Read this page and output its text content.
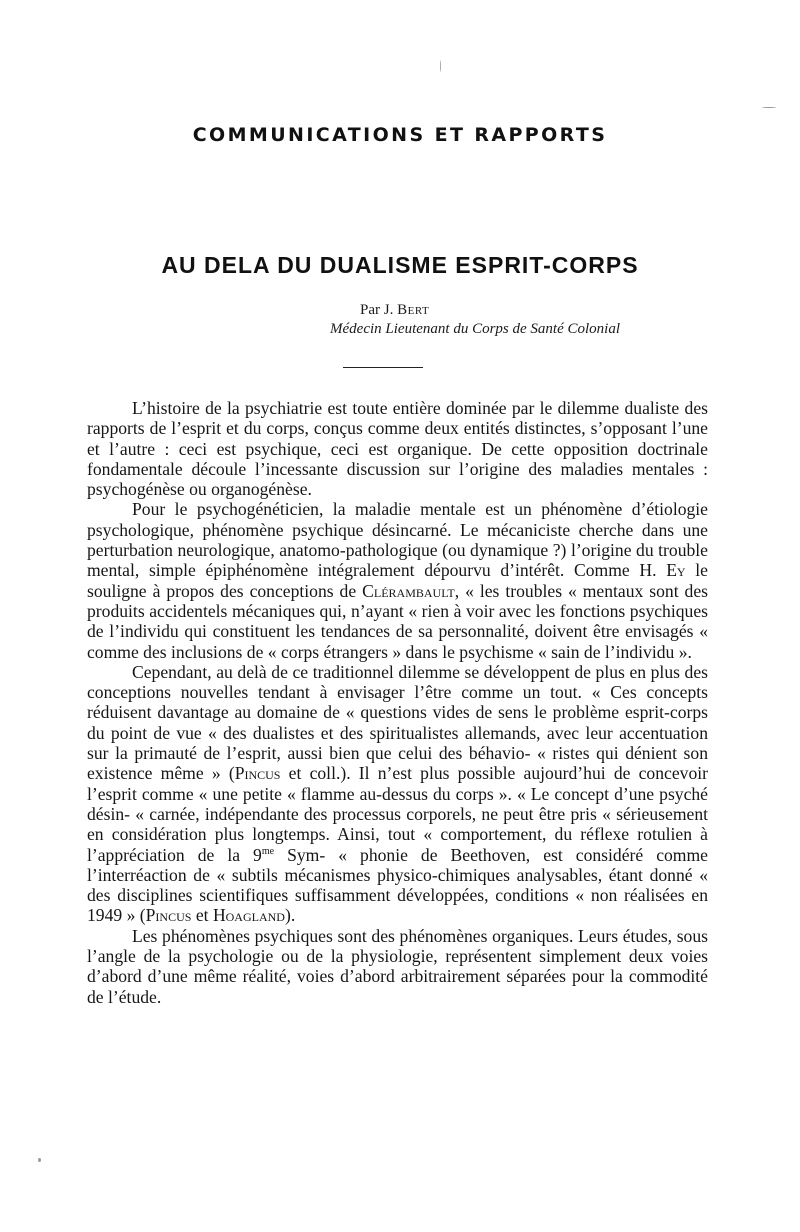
COMMUNICATIONS ET RAPPORTS
AU DELA DU DUALISME ESPRIT-CORPS
Par J. Bert
Médecin Lieutenant du Corps de Santé Colonial

L’histoire de la psychiatrie est toute entière dominée par le dilemme dualiste des rapports de l’esprit et du corps, conçus comme deux entités distinctes, s’opposant l’une et l’autre : ceci est psychique, ceci est organique. De cette opposition doctrinale fondamentale découle l’incessante discussion sur l’origine des maladies mentales : psychogénèse ou organogénèse.

Pour le psychogénéticien, la maladie mentale est un phénomène d’étiologie psychologique, phénomène psychique désincarné. Le mécaniciste cherche dans une perturbation neurologique, anatomo-pathologique (ou dynamique ?) l’origine du trouble mental, simple épiphénomène intégralement dépourvu d’intérêt. Comme H. Ey le souligne à propos des conceptions de Clérambault, « les troubles « mentaux sont des produits accidentels mécaniques qui, n’ayant « rien à voir avec les fonctions psychiques de l’individu qui constituent les tendances de sa personnalité, doivent être envisagés « comme des inclusions de « corps étrangers » dans le psychisme « sain de l’individu ».

Cependant, au delà de ce traditionnel dilemme se développent de plus en plus des conceptions nouvelles tendant à envisager l’être comme un tout. « Ces concepts réduisent davantage au domaine de « questions vides de sens le problème esprit-corps du point de vue « des dualistes et des spiritualistes allemands, avec leur accentuation sur la primauté de l’esprit, aussi bien que celui des béhavio- « ristes qui dénient son existence même » (Pincus et coll.). Il n’est plus possible aujourd’hui de concevoir l’esprit comme « une petite « flamme au-dessus du corps ». « Le concept d’une psyché désin- « carnée, indépendante des processus corporels, ne peut être pris « sérieusement en considération plus longtemps. Ainsi, tout « comportement, du réflexe rotulien à l’appréciation de la $9^{me}$ Sym- « phonie de Beethoven, est considéré comme l’interréaction de « subtils mécanismes physico-chimiques analysables, étant donné « des disciplines scientifiques suffisamment développées, conditions « non réalisées en 1949 » (Pincus et Hoagland).

Les phénomènes psychiques sont des phénomènes organiques. Leurs études, sous l’angle de la psychologie ou de la physiologie, représentent simplement deux voies d’abord d’une même réalité, voies d’abord arbitrairement séparées pour la commodité de l’étude.
